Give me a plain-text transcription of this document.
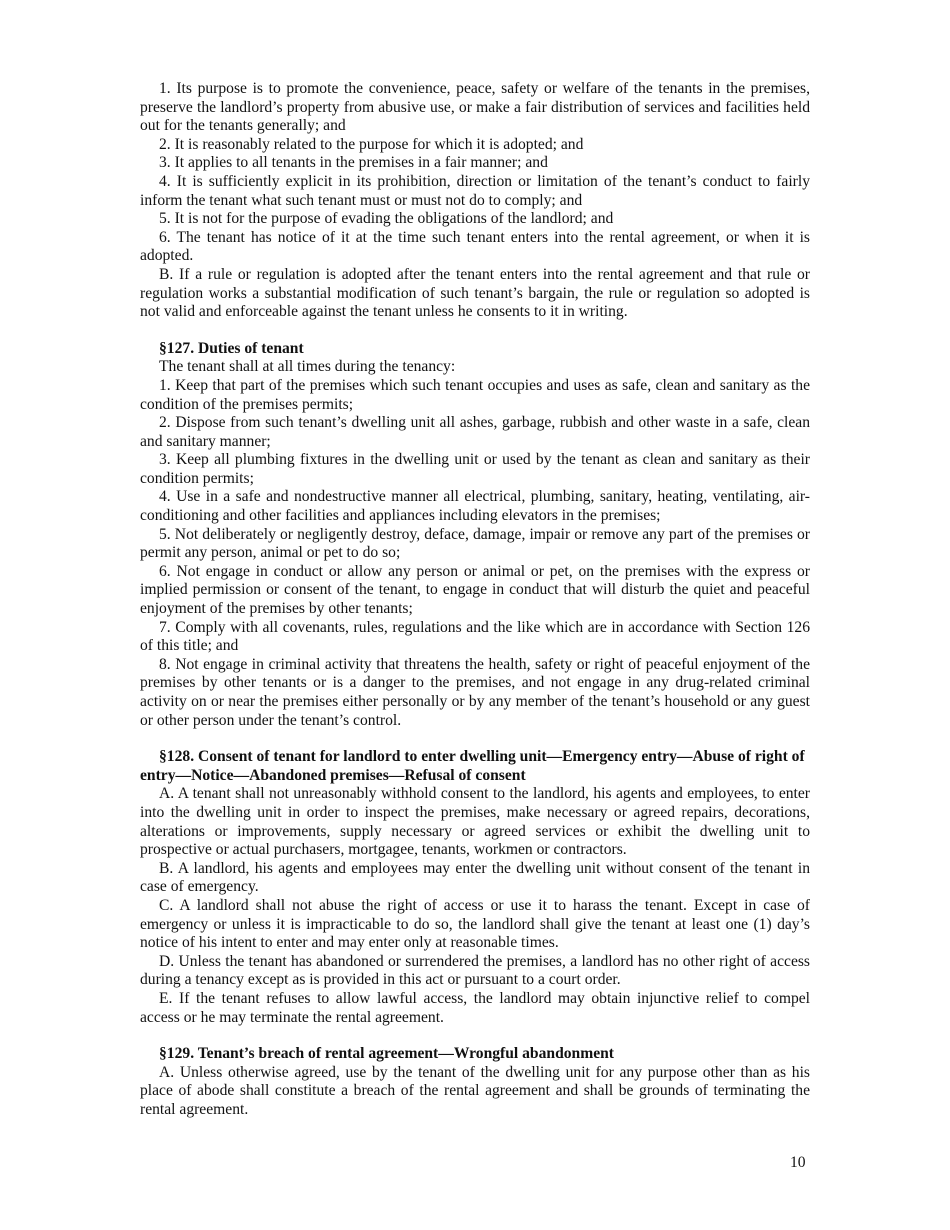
1. Its purpose is to promote the convenience, peace, safety or welfare of the tenants in the premises, preserve the landlord’s property from abusive use, or make a fair distribution of services and facilities held out for the tenants generally; and

2. It is reasonably related to the purpose for which it is adopted; and

3. It applies to all tenants in the premises in a fair manner; and

4. It is sufficiently explicit in its prohibition, direction or limitation of the tenant’s conduct to fairly inform the tenant what such tenant must or must not do to comply; and

5. It is not for the purpose of evading the obligations of the landlord; and

6. The tenant has notice of it at the time such tenant enters into the rental agreement, or when it is adopted.

B. If a rule or regulation is adopted after the tenant enters into the rental agreement and that rule or regulation works a substantial modification of such tenant’s bargain, the rule or regulation so adopted is not valid and enforceable against the tenant unless he consents to it in writing.

§127. Duties of tenant

The tenant shall at all times during the tenancy:

1. Keep that part of the premises which such tenant occupies and uses as safe, clean and sanitary as the condition of the premises permits;

2. Dispose from such tenant’s dwelling unit all ashes, garbage, rubbish and other waste in a safe, clean and sanitary manner;

3. Keep all plumbing fixtures in the dwelling unit or used by the tenant as clean and sanitary as their condition permits;

4. Use in a safe and nondestructive manner all electrical, plumbing, sanitary, heating, ventilating, air-conditioning and other facilities and appliances including elevators in the premises;

5. Not deliberately or negligently destroy, deface, damage, impair or remove any part of the premises or permit any person, animal or pet to do so;

6. Not engage in conduct or allow any person or animal or pet, on the premises with the express or implied permission or consent of the tenant, to engage in conduct that will disturb the quiet and peaceful enjoyment of the premises by other tenants;

7. Comply with all covenants, rules, regulations and the like which are in accordance with Section 126 of this title; and

8. Not engage in criminal activity that threatens the health, safety or right of peaceful enjoyment of the premises by other tenants or is a danger to the premises, and not engage in any drug-related criminal activity on or near the premises either personally or by any member of the tenant’s household or any guest or other person under the tenant’s control.

§128. Consent of tenant for landlord to enter dwelling unit—Emergency entry—Abuse of right of entry—Notice—Abandoned premises—Refusal of consent

A. A tenant shall not unreasonably withhold consent to the landlord, his agents and employees, to enter into the dwelling unit in order to inspect the premises, make necessary or agreed repairs, decorations, alterations or improvements, supply necessary or agreed services or exhibit the dwelling unit to prospective or actual purchasers, mortgagee, tenants, workmen or contractors.

B. A landlord, his agents and employees may enter the dwelling unit without consent of the tenant in case of emergency.

C. A landlord shall not abuse the right of access or use it to harass the tenant. Except in case of emergency or unless it is impracticable to do so, the landlord shall give the tenant at least one (1) day’s notice of his intent to enter and may enter only at reasonable times.

D. Unless the tenant has abandoned or surrendered the premises, a landlord has no other right of access during a tenancy except as is provided in this act or pursuant to a court order.

E. If the tenant refuses to allow lawful access, the landlord may obtain injunctive relief to compel access or he may terminate the rental agreement.

§129. Tenant’s breach of rental agreement—Wrongful abandonment

A. Unless otherwise agreed, use by the tenant of the dwelling unit for any purpose other than as his place of abode shall constitute a breach of the rental agreement and shall be grounds of terminating the rental agreement.

10
